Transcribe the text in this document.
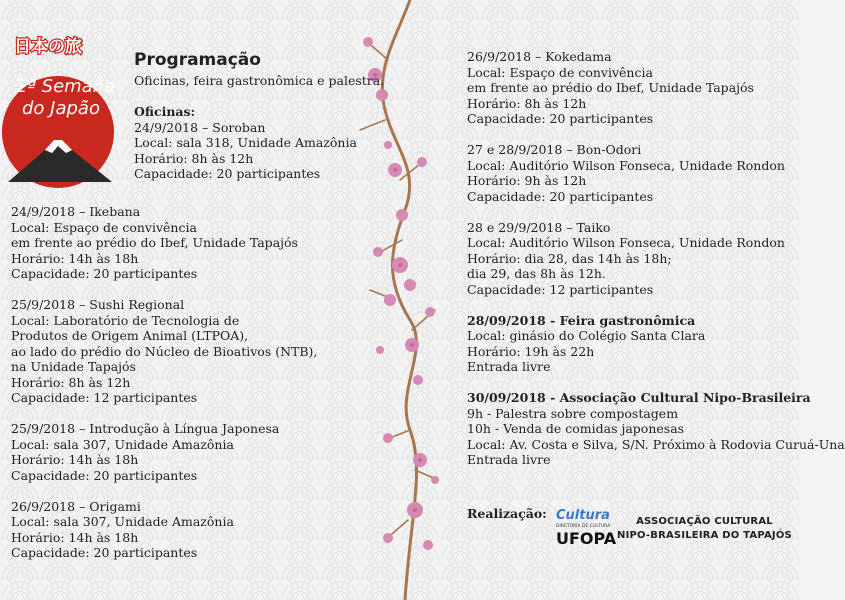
日本の旅
2ª Semana
do Japão
Programação
Oficinas, feira gastronômica e palestra.

Oficinas:

24/9/2018 – Soroban

Local: sala 318, Unidade Amazônia

Horário: 8h às 12h

Capacidade: 20 participantes

24/9/2018 – Ikebana

Local: Espaço de convivência

em frente ao prédio do Ibef, Unidade Tapajós

Horário: 14h às 18h

Capacidade: 20 participantes

25/9/2018 – Sushi Regional

Local: Laboratório de Tecnologia de

Produtos de Origem Animal (LTPOA),

ao lado do prédio do Núcleo de Bioativos (NTB),

na Unidade Tapajós

Horário: 8h às 12h

Capacidade: 12 participantes

25/9/2018 – Introdução à Língua Japonesa

Local: sala 307, Unidade Amazônia

Horário: 14h às 18h

Capacidade: 20 participantes

26/9/2018 – Origami

Local: sala 307, Unidade Amazônia

Horário: 14h às 18h

Capacidade: 20 participantes

26/9/2018 – Kokedama

Local: Espaço de convivência

em frente ao prédio do Ibef, Unidade Tapajós

Horário: 8h às 12h

Capacidade: 20 participantes

27 e 28/9/2018 – Bon-Odori

Local: Auditório Wilson Fonseca, Unidade Rondon

Horário: 9h às 12h

Capacidade: 20 participantes

28 e 29/9/2018 – Taiko

Local: Auditório Wilson Fonseca, Unidade Rondon

Horário: dia 28, das 14h às 18h;

dia 29, das 8h às 12h.

Capacidade: 12 participantes

28/09/2018 - Feira gastronômica

Local: ginásio do Colégio Santa Clara

Horário: 19h às 22h

Entrada livre

30/09/2018 - Associação Cultural Nipo-Brasileira

9h - Palestra sobre compostagem

10h - Venda de comidas japonesas

Local: Av. Costa e Silva, S/N. Próximo à Rodovia Curuá-Una

Entrada livre

Realização: Cultura
DIRETORIA DE CULTURA
UFOPA
ASSOCIAÇÃO CULTURAL
NIPO-BRASILEIRA DO TAPAJÓS
